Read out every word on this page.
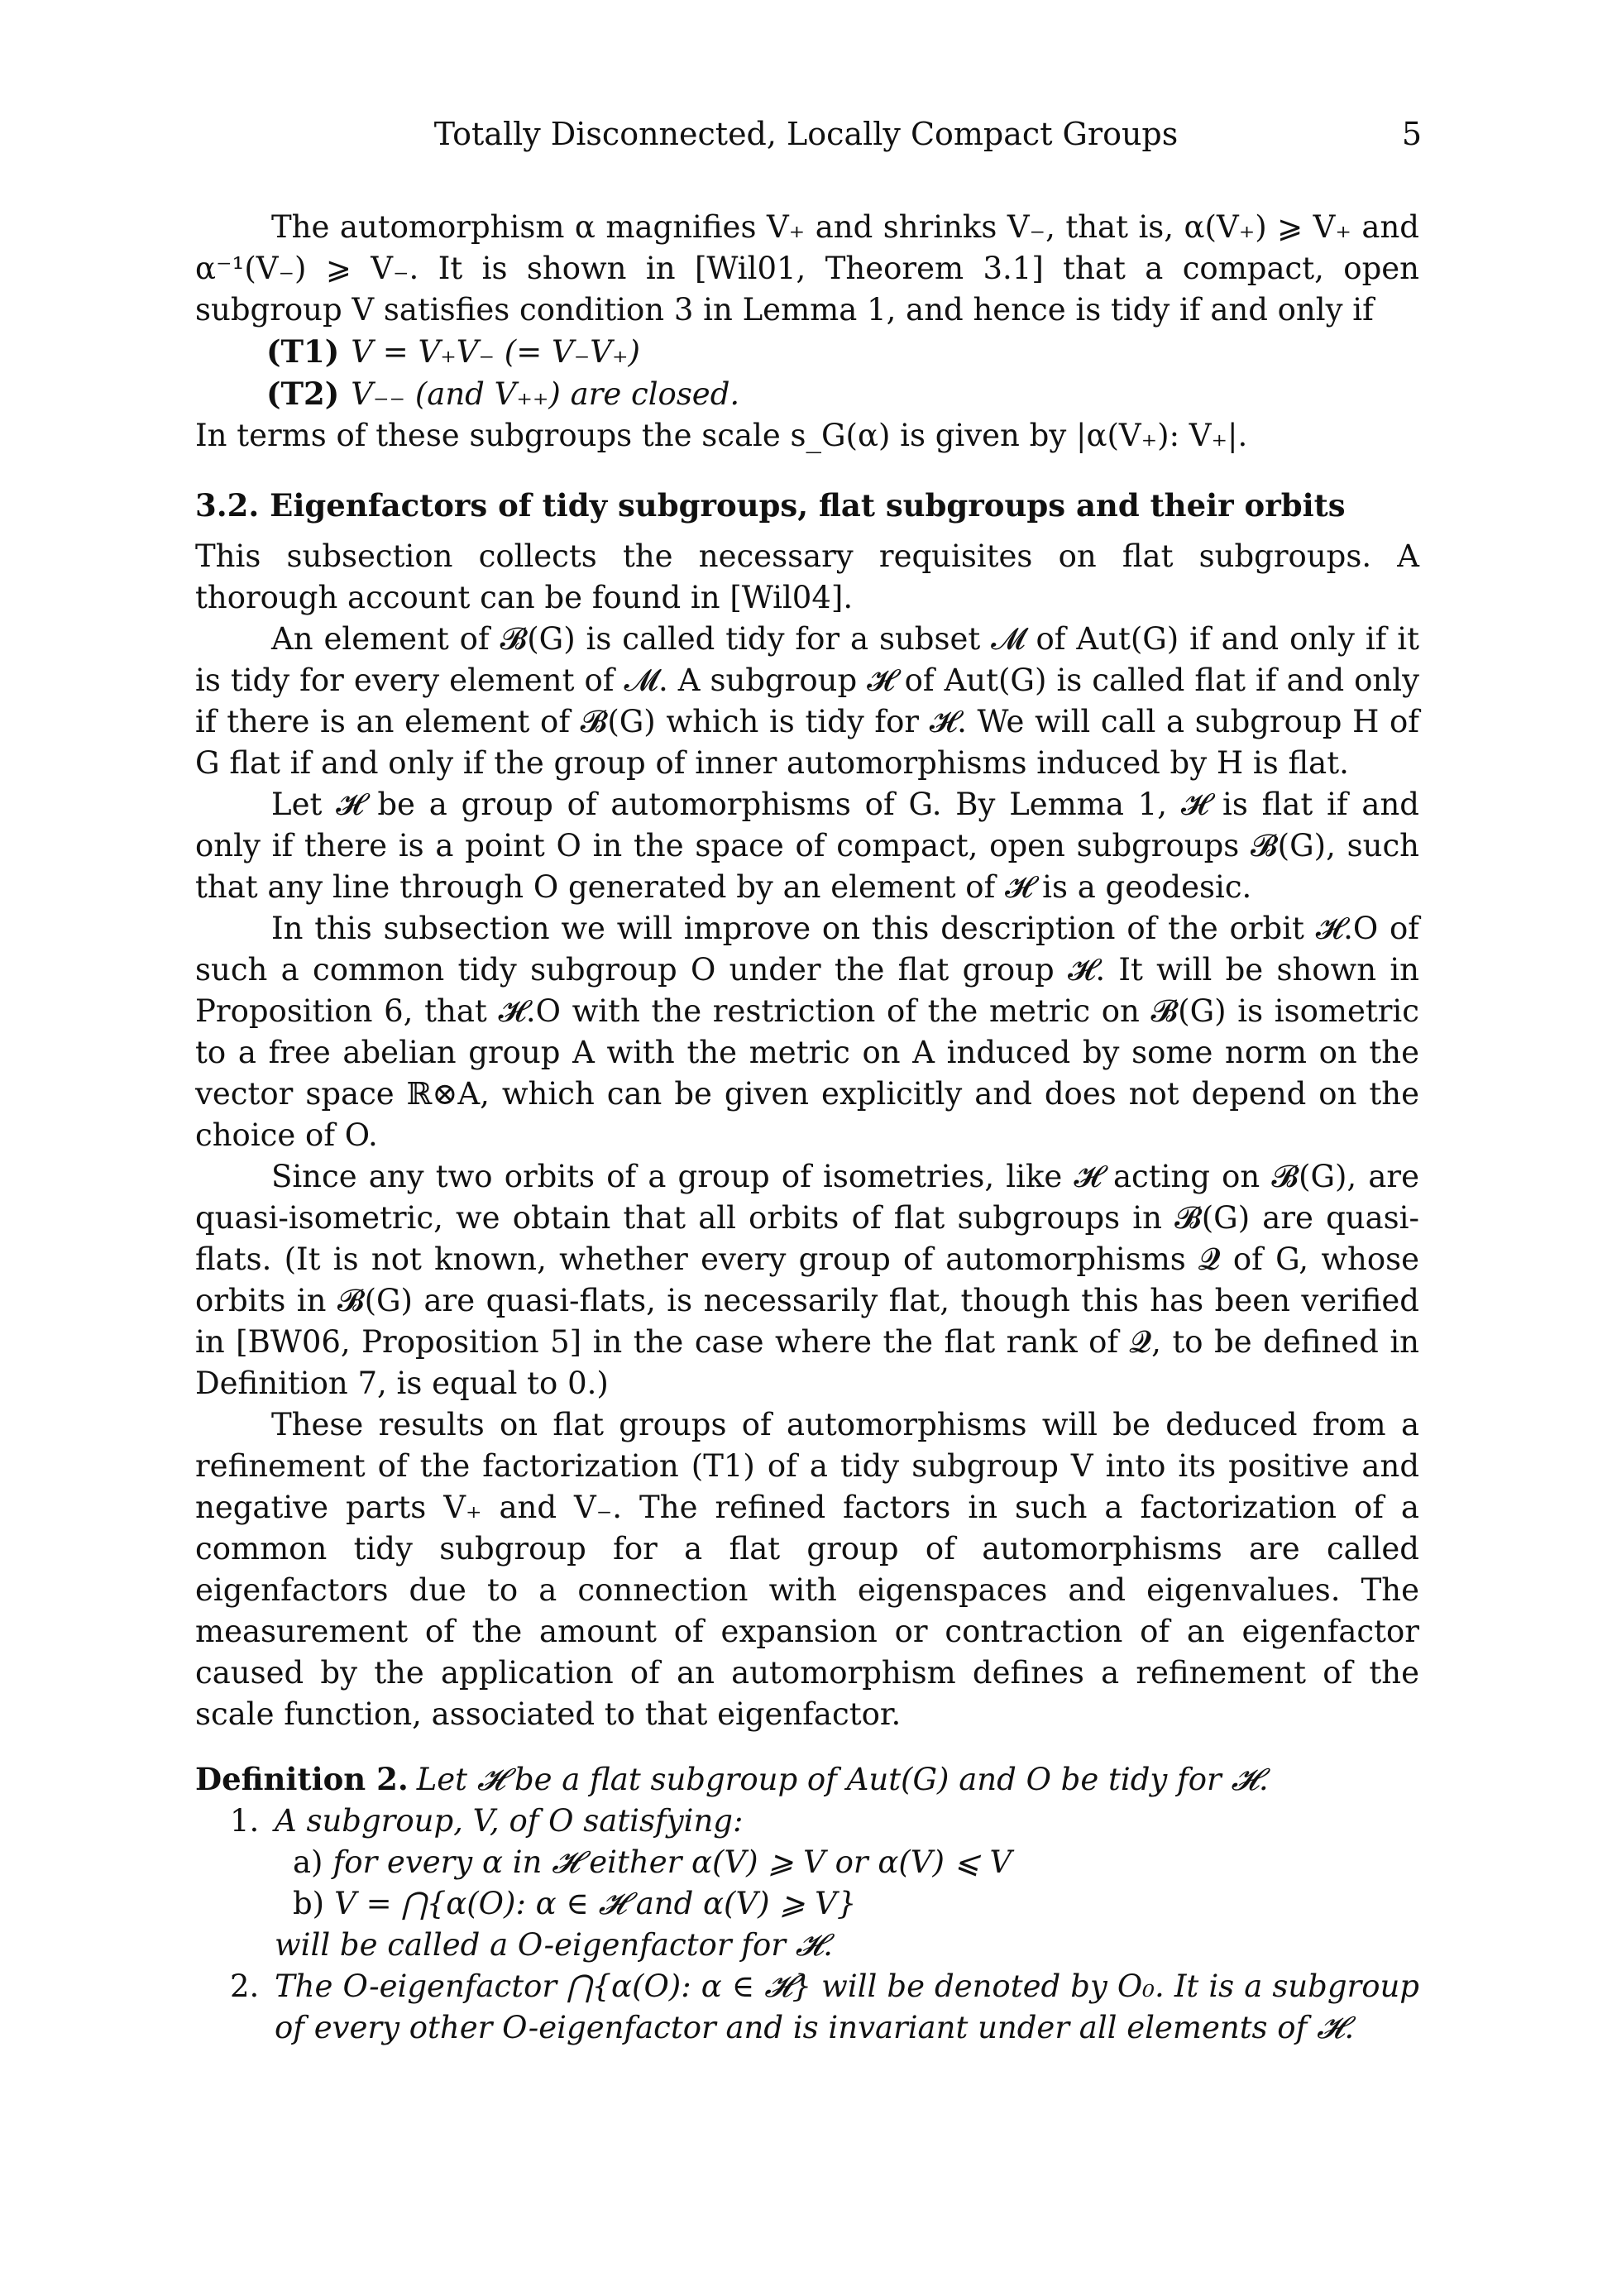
Totally Disconnected, Locally Compact Groups	5

The automorphism α magnifies V₊ and shrinks V₋, that is, α(V₊) ⩾ V₊ and α⁻¹(V₋) ⩾ V₋. It is shown in [Wil01, Theorem 3.1] that a compact, open subgroup V satisfies condition 3 in Lemma 1, and hence is tidy if and only if

(T1) V = V₊V₋ (= V₋V₊)

(T2) V₋₋ (and V₊₊) are closed.

In terms of these subgroups the scale s_G(α) is given by |α(V₊): V₊|.

3.2. Eigenfactors of tidy subgroups, flat subgroups and their orbits

This subsection collects the necessary requisites on flat subgroups. A thorough account can be found in [Wil04].

An element of 𝓑(G) is called tidy for a subset 𝓜 of Aut(G) if and only if it is tidy for every element of 𝓜. A subgroup 𝓗 of Aut(G) is called flat if and only if there is an element of 𝓑(G) which is tidy for 𝓗. We will call a subgroup H of G flat if and only if the group of inner automorphisms induced by H is flat.

Let 𝓗 be a group of automorphisms of G. By Lemma 1, 𝓗 is flat if and only if there is a point O in the space of compact, open subgroups 𝓑(G), such that any line through O generated by an element of 𝓗 is a geodesic.

In this subsection we will improve on this description of the orbit 𝓗.O of such a common tidy subgroup O under the flat group 𝓗. It will be shown in Proposition 6, that 𝓗.O with the restriction of the metric on 𝓑(G) is isometric to a free abelian group A with the metric on A induced by some norm on the vector space ℝ⊗A, which can be given explicitly and does not depend on the choice of O.

Since any two orbits of a group of isometries, like 𝓗 acting on 𝓑(G), are quasi-isometric, we obtain that all orbits of flat subgroups in 𝓑(G) are quasi-flats. (It is not known, whether every group of automorphisms 𝓠 of G, whose orbits in 𝓑(G) are quasi-flats, is necessarily flat, though this has been verified in [BW06, Proposition 5] in the case where the flat rank of 𝓠, to be defined in Definition 7, is equal to 0.)

These results on flat groups of automorphisms will be deduced from a refinement of the factorization (T1) of a tidy subgroup V into its positive and negative parts V₊ and V₋. The refined factors in such a factorization of a common tidy subgroup for a flat group of automorphisms are called eigenfactors due to a connection with eigenspaces and eigenvalues. The measurement of the amount of expansion or contraction of an eigenfactor caused by the application of an automorphism defines a refinement of the scale function, associated to that eigenfactor.

Definition 2. Let 𝓗 be a flat subgroup of Aut(G) and O be tidy for 𝓗.

1. A subgroup, V, of O satisfying:
a) for every α in 𝓗 either α(V) ⩾ V or α(V) ⩽ V
b) V = ⋂{α(O): α ∈ 𝓗 and α(V) ⩾ V}
will be called a O-eigenfactor for 𝓗.
2. The O-eigenfactor ⋂{α(O): α ∈ 𝓗} will be denoted by O₀. It is a subgroup of every other O-eigenfactor and is invariant under all elements of 𝓗.
